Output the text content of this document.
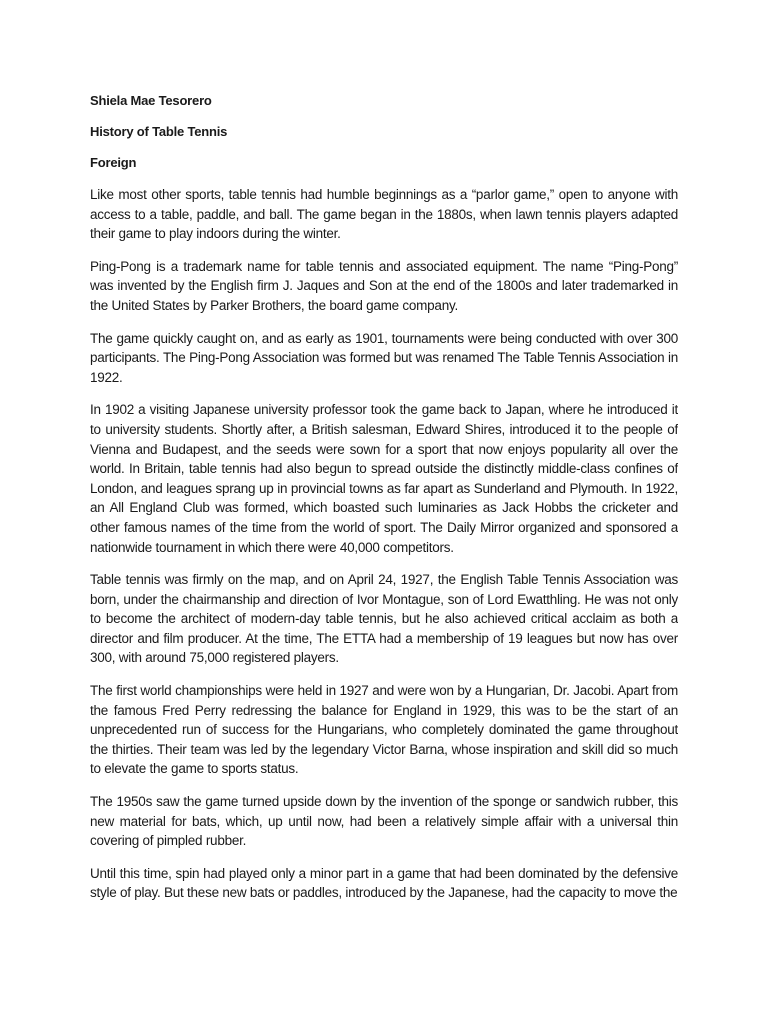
Shiela Mae Tesorero

History of Table Tennis

Foreign

Like most other sports, table tennis had humble beginnings as a “parlor game,” open to anyone with access to a table, paddle, and ball. The game began in the 1880s, when lawn tennis players adapted their game to play indoors during the winter.

Ping-Pong is a trademark name for table tennis and associated equipment. The name “Ping-Pong” was invented by the English firm J. Jaques and Son at the end of the 1800s and later trademarked in the United States by Parker Brothers, the board game company.

The game quickly caught on, and as early as 1901, tournaments were being conducted with over 300 participants. The Ping-Pong Association was formed but was renamed The Table Tennis Association in 1922.

In 1902 a visiting Japanese university professor took the game back to Japan, where he introduced it to university students. Shortly after, a British salesman, Edward Shires, introduced it to the people of Vienna and Budapest, and the seeds were sown for a sport that now enjoys popularity all over the world. In Britain, table tennis had also begun to spread outside the distinctly middle-class confines of London, and leagues sprang up in provincial towns as far apart as Sunderland and Plymouth. In 1922, an All England Club was formed, which boasted such luminaries as Jack Hobbs the cricketer and other famous names of the time from the world of sport. The Daily Mirror organized and sponsored a nationwide tournament in which there were 40,000 competitors.

Table tennis was firmly on the map, and on April 24, 1927, the English Table Tennis Association was born, under the chairmanship and direction of Ivor Montague, son of Lord Ewatthling. He was not only to become the architect of modern-day table tennis, but he also achieved critical acclaim as both a director and film producer. At the time, The ETTA had a membership of 19 leagues but now has over 300, with around 75,000 registered players.

The first world championships were held in 1927 and were won by a Hungarian, Dr. Jacobi. Apart from the famous Fred Perry redressing the balance for England in 1929, this was to be the start of an unprecedented run of success for the Hungarians, who completely dominated the game throughout the thirties. Their team was led by the legendary Victor Barna, whose inspiration and skill did so much to elevate the game to sports status.

The 1950s saw the game turned upside down by the invention of the sponge or sandwich rubber, this new material for bats, which, up until now, had been a relatively simple affair with a universal thin covering of pimpled rubber.

Until this time, spin had played only a minor part in a game that had been dominated by the defensive style of play. But these new bats or paddles, introduced by the Japanese, had the capacity to move the
